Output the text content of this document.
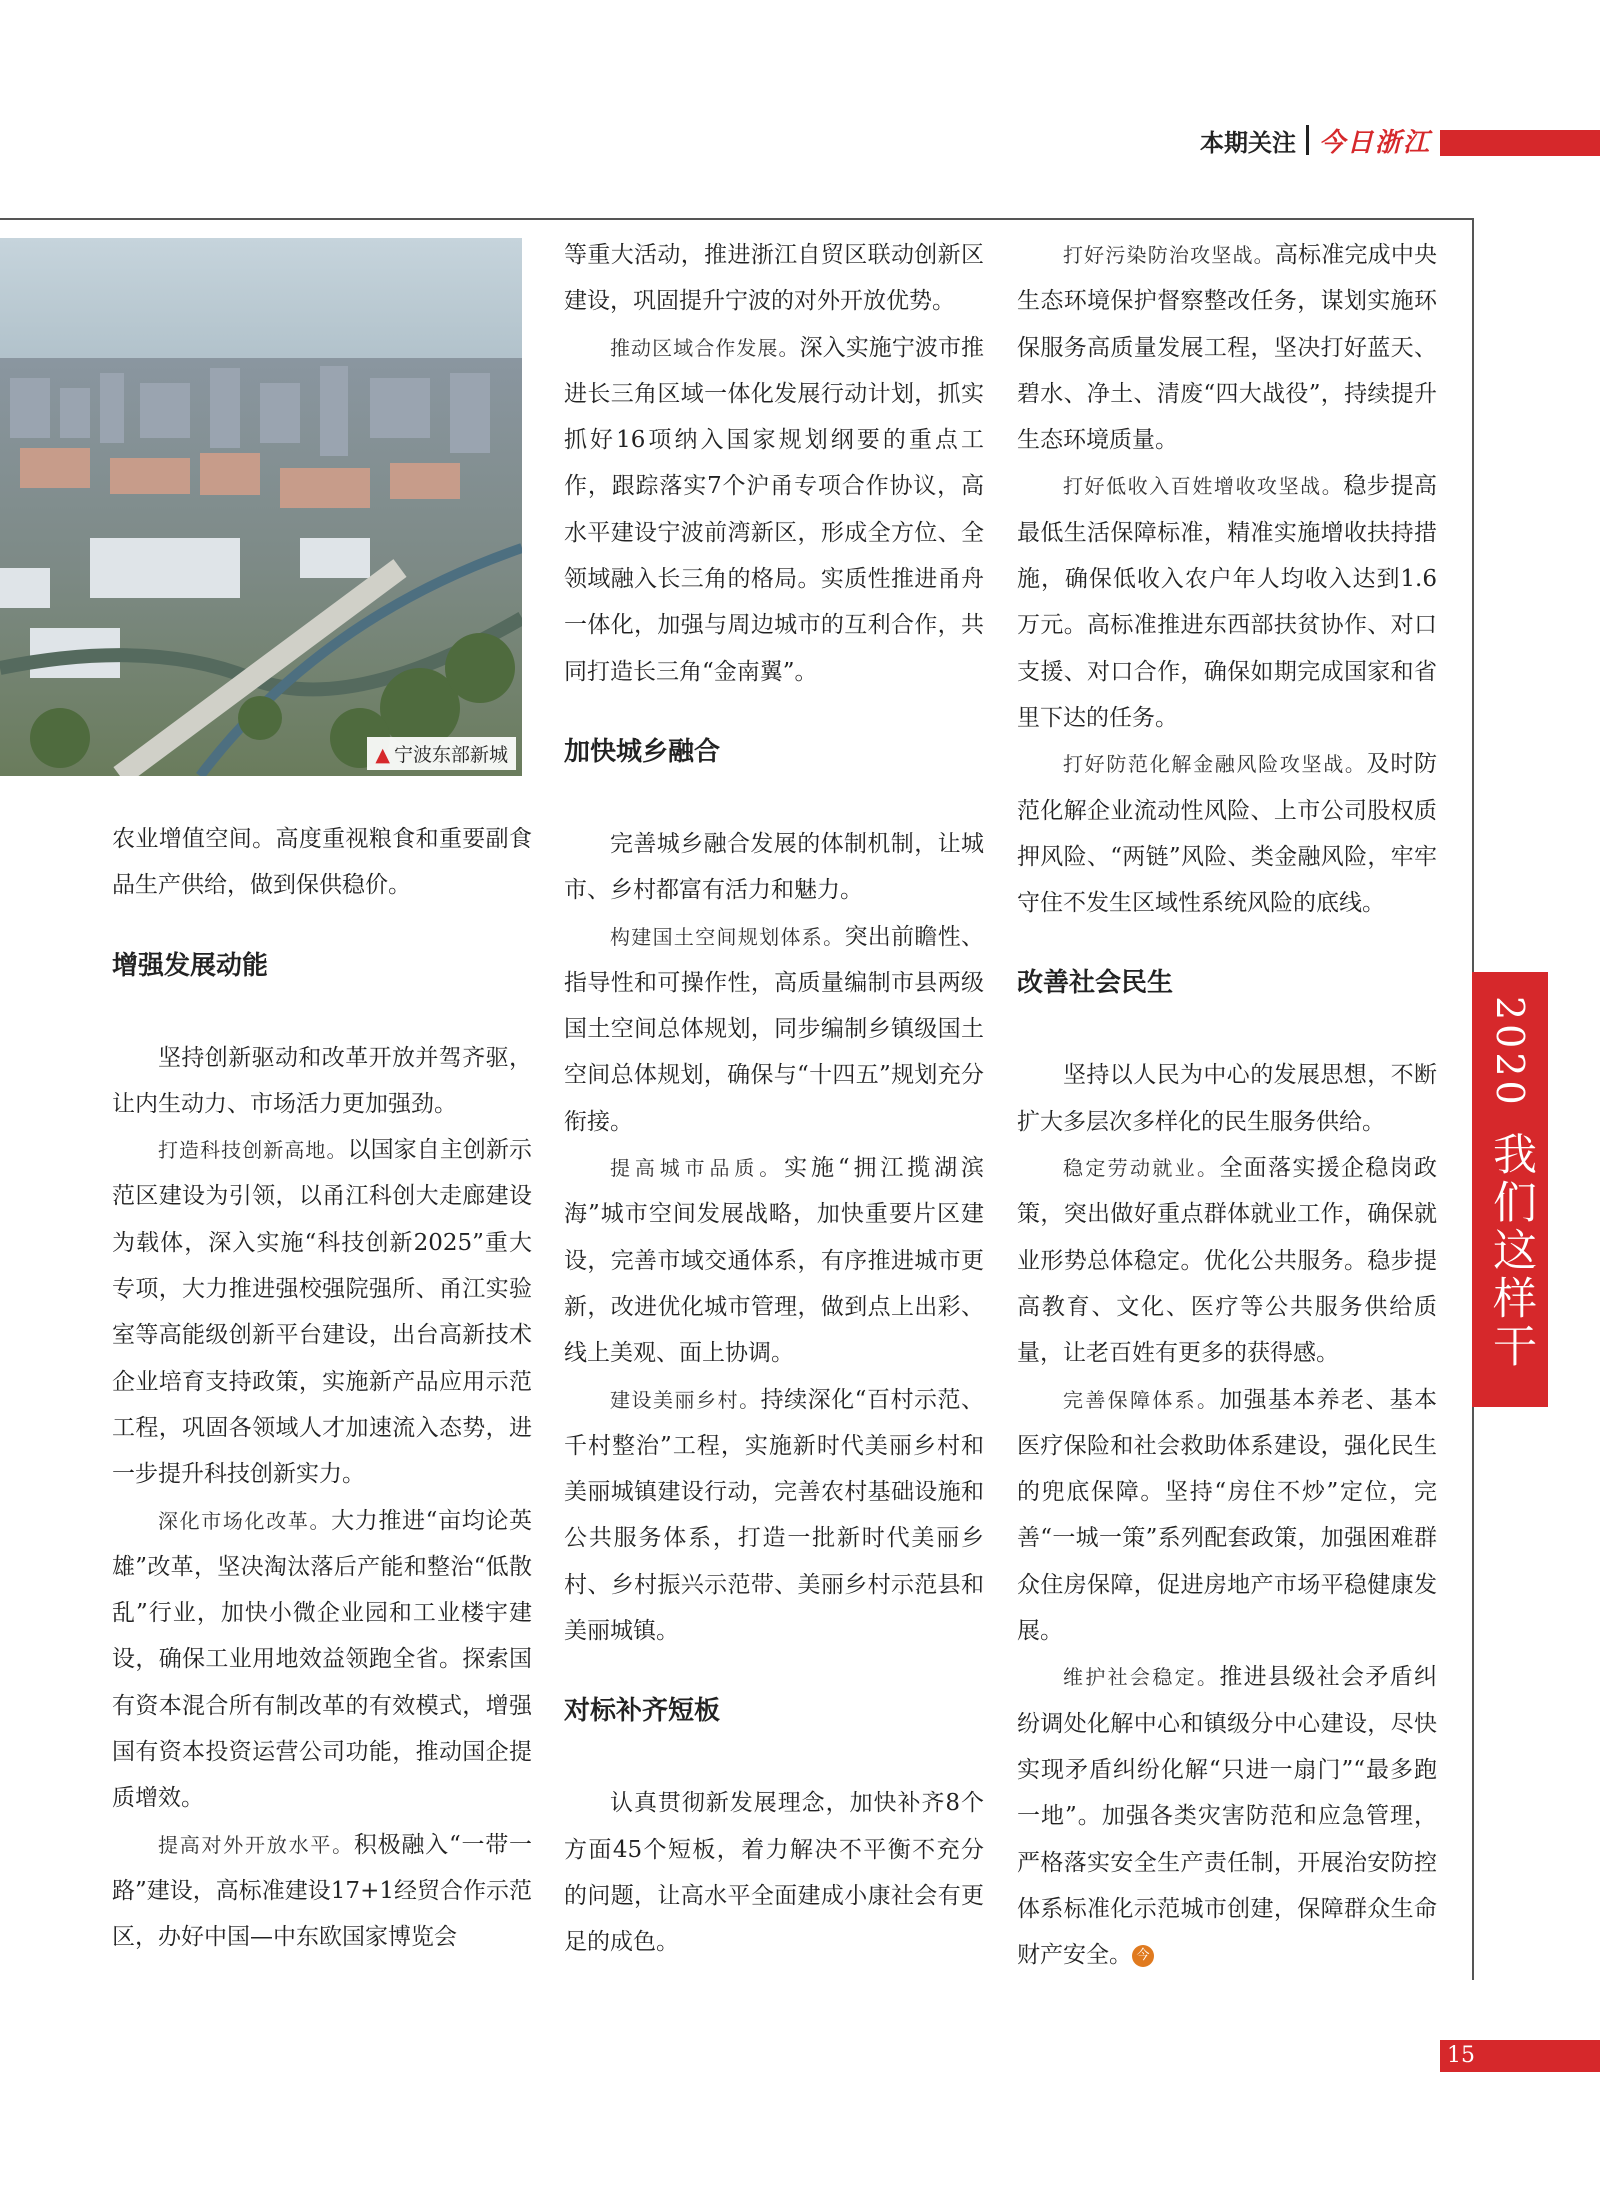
本期关注 今日浙江
▲ 宁波东部新城

农业增值空间。高度重视粮食和重要副食品生产供给，做到保供稳价。

增强发展动能

坚持创新驱动和改革开放并驾齐驱，让内生动力、市场活力更加强劲。

打造科技创新高地。以国家自主创新示范区建设为引领，以甬江科创大走廊建设为载体，深入实施“科技创新2025”重大专项，大力推进强校强院强所、甬江实验室等高能级创新平台建设，出台高新技术企业培育支持政策，实施新产品应用示范工程，巩固各领域人才加速流入态势，进一步提升科技创新实力。

深化市场化改革。大力推进“亩均论英雄”改革，坚决淘汰落后产能和整治“低散乱”行业，加快小微企业园和工业楼宇建设，确保工业用地效益领跑全省。探索国有资本混合所有制改革的有效模式，增强国有资本投资运营公司功能，推动国企提质增效。

提高对外开放水平。积极融入“一带一路”建设，高标准建设17+1经贸合作示范区，办好中国—中东欧国家博览会

等重大活动，推进浙江自贸区联动创新区建设，巩固提升宁波的对外开放优势。

推动区域合作发展。深入实施宁波市推进长三角区域一体化发展行动计划，抓实抓好16项纳入国家规划纲要的重点工作，跟踪落实7个沪甬专项合作协议，高水平建设宁波前湾新区，形成全方位、全领域融入长三角的格局。实质性推进甬舟一体化，加强与周边城市的互利合作，共同打造长三角“金南翼”。

加快城乡融合

完善城乡融合发展的体制机制，让城市、乡村都富有活力和魅力。

构建国土空间规划体系。突出前瞻性、指导性和可操作性，高质量编制市县两级国土空间总体规划，同步编制乡镇级国土空间总体规划，确保与“十四五”规划充分衔接。

提高城市品质。实施“拥江揽湖滨海”城市空间发展战略，加快重要片区建设，完善市域交通体系，有序推进城市更新，改进优化城市管理，做到点上出彩、线上美观、面上协调。

建设美丽乡村。持续深化“百村示范、千村整治”工程，实施新时代美丽乡村和美丽城镇建设行动，完善农村基础设施和公共服务体系，打造一批新时代美丽乡村、乡村振兴示范带、美丽乡村示范县和美丽城镇。

对标补齐短板

认真贯彻新发展理念，加快补齐8个方面45个短板，着力解决不平衡不充分的问题，让高水平全面建成小康社会有更足的成色。

打好污染防治攻坚战。高标准完成中央生态环境保护督察整改任务，谋划实施环保服务高质量发展工程，坚决打好蓝天、碧水、净土、清废“四大战役”，持续提升生态环境质量。

打好低收入百姓增收攻坚战。稳步提高最低生活保障标准，精准实施增收扶持措施，确保低收入农户年人均收入达到1.6万元。高标准推进东西部扶贫协作、对口支援、对口合作，确保如期完成国家和省里下达的任务。

打好防范化解金融风险攻坚战。及时防范化解企业流动性风险、上市公司股权质押风险、“两链”风险、类金融风险，牢牢守住不发生区域性系统风险的底线。

改善社会民生

坚持以人民为中心的发展思想，不断扩大多层次多样化的民生服务供给。

稳定劳动就业。全面落实援企稳岗政策，突出做好重点群体就业工作，确保就业形势总体稳定。优化公共服务。稳步提高教育、文化、医疗等公共服务供给质量，让老百姓有更多的获得感。

完善保障体系。加强基本养老、基本医疗保险和社会救助体系建设，强化民生的兜底保障。坚持“房住不炒”定位，完善“一城一策”系列配套政策，加强困难群众住房保障，促进房地产市场平稳健康发展。

维护社会稳定。推进县级社会矛盾纠纷调处化解中心和镇级分中心建设，尽快实现矛盾纠纷化解“只进一扇门”“最多跑一地”。加强各类灾害防范和应急管理，严格落实安全生产责任制，开展治安防控体系标准化示范城市创建，保障群众生命财产安全。 今

2020
我们这样干
15
